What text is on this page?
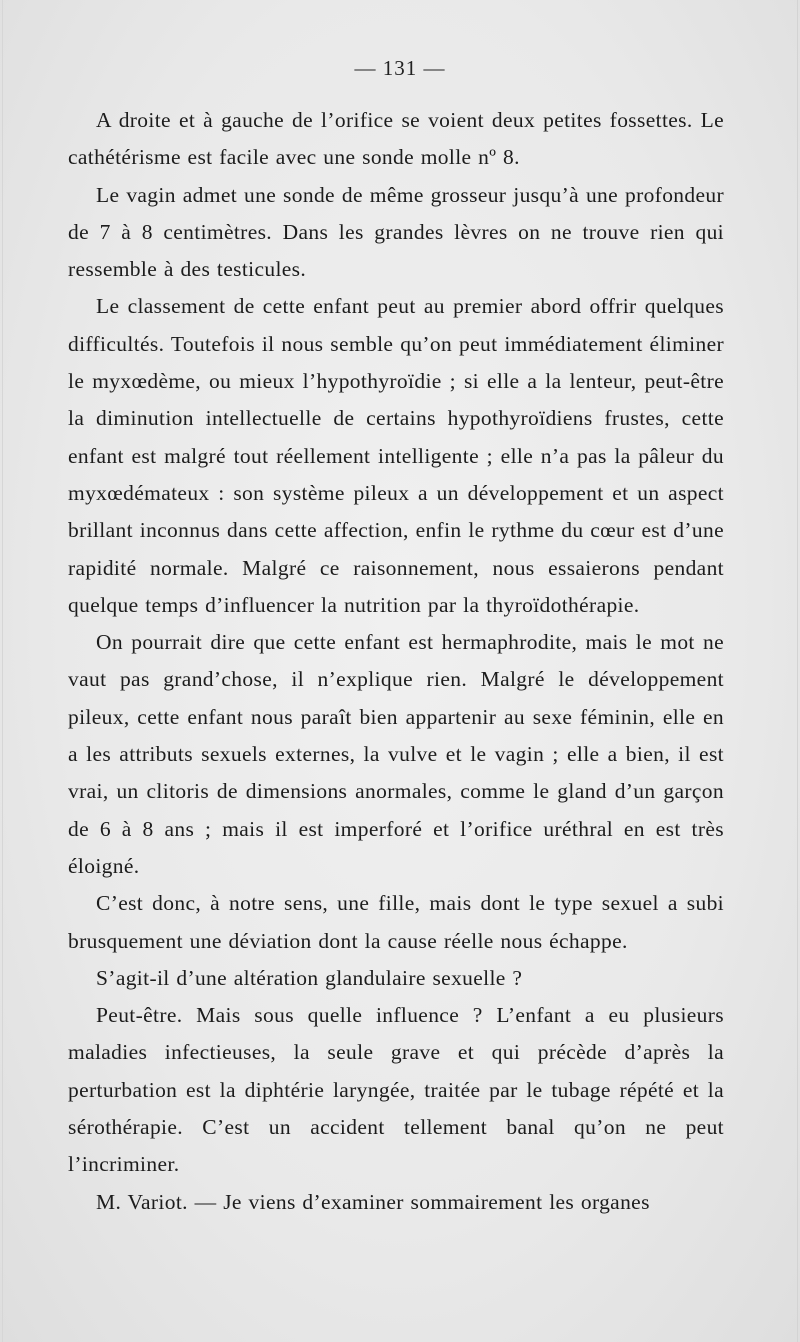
— 131 —

A droite et à gauche de l’orifice se voient deux petites fossettes. Le cathétérisme est facile avec une sonde molle nº 8.

Le vagin admet une sonde de même grosseur jusqu’à une profondeur de 7 à 8 centimètres. Dans les grandes lèvres on ne trouve rien qui ressemble à des testicules.

Le classement de cette enfant peut au premier abord offrir quelques difficultés. Toutefois il nous semble qu’on peut immédiatement éliminer le myxœdème, ou mieux l’hypothyroïdie ; si elle a la lenteur, peut-être la diminution intellectuelle de certains hypothyroïdiens frustes, cette enfant est malgré tout réellement intelligente ; elle n’a pas la pâleur du myxœdémateux : son système pileux a un développement et un aspect brillant inconnus dans cette affection, enfin le rythme du cœur est d’une rapidité normale. Malgré ce raisonnement, nous essaierons pendant quelque temps d’influencer la nutrition par la thyroïdothérapie.

On pourrait dire que cette enfant est hermaphrodite, mais le mot ne vaut pas grand’chose, il n’explique rien. Malgré le développement pileux, cette enfant nous paraît bien appartenir au sexe féminin, elle en a les attributs sexuels externes, la vulve et le vagin ; elle a bien, il est vrai, un clitoris de dimensions anormales, comme le gland d’un garçon de 6 à 8 ans ; mais il est imperforé et l’orifice uréthral en est très éloigné.

C’est donc, à notre sens, une fille, mais dont le type sexuel a subi brusquement une déviation dont la cause réelle nous échappe.

S’agit-il d’une altération glandulaire sexuelle ?

Peut-être. Mais sous quelle influence ? L’enfant a eu plusieurs maladies infectieuses, la seule grave et qui précède d’après la perturbation est la diphtérie laryngée, traitée par le tubage répété et la sérothérapie. C’est un accident tellement banal qu’on ne peut l’incriminer.

M. Variot. — Je viens d’examiner sommairement les organes
